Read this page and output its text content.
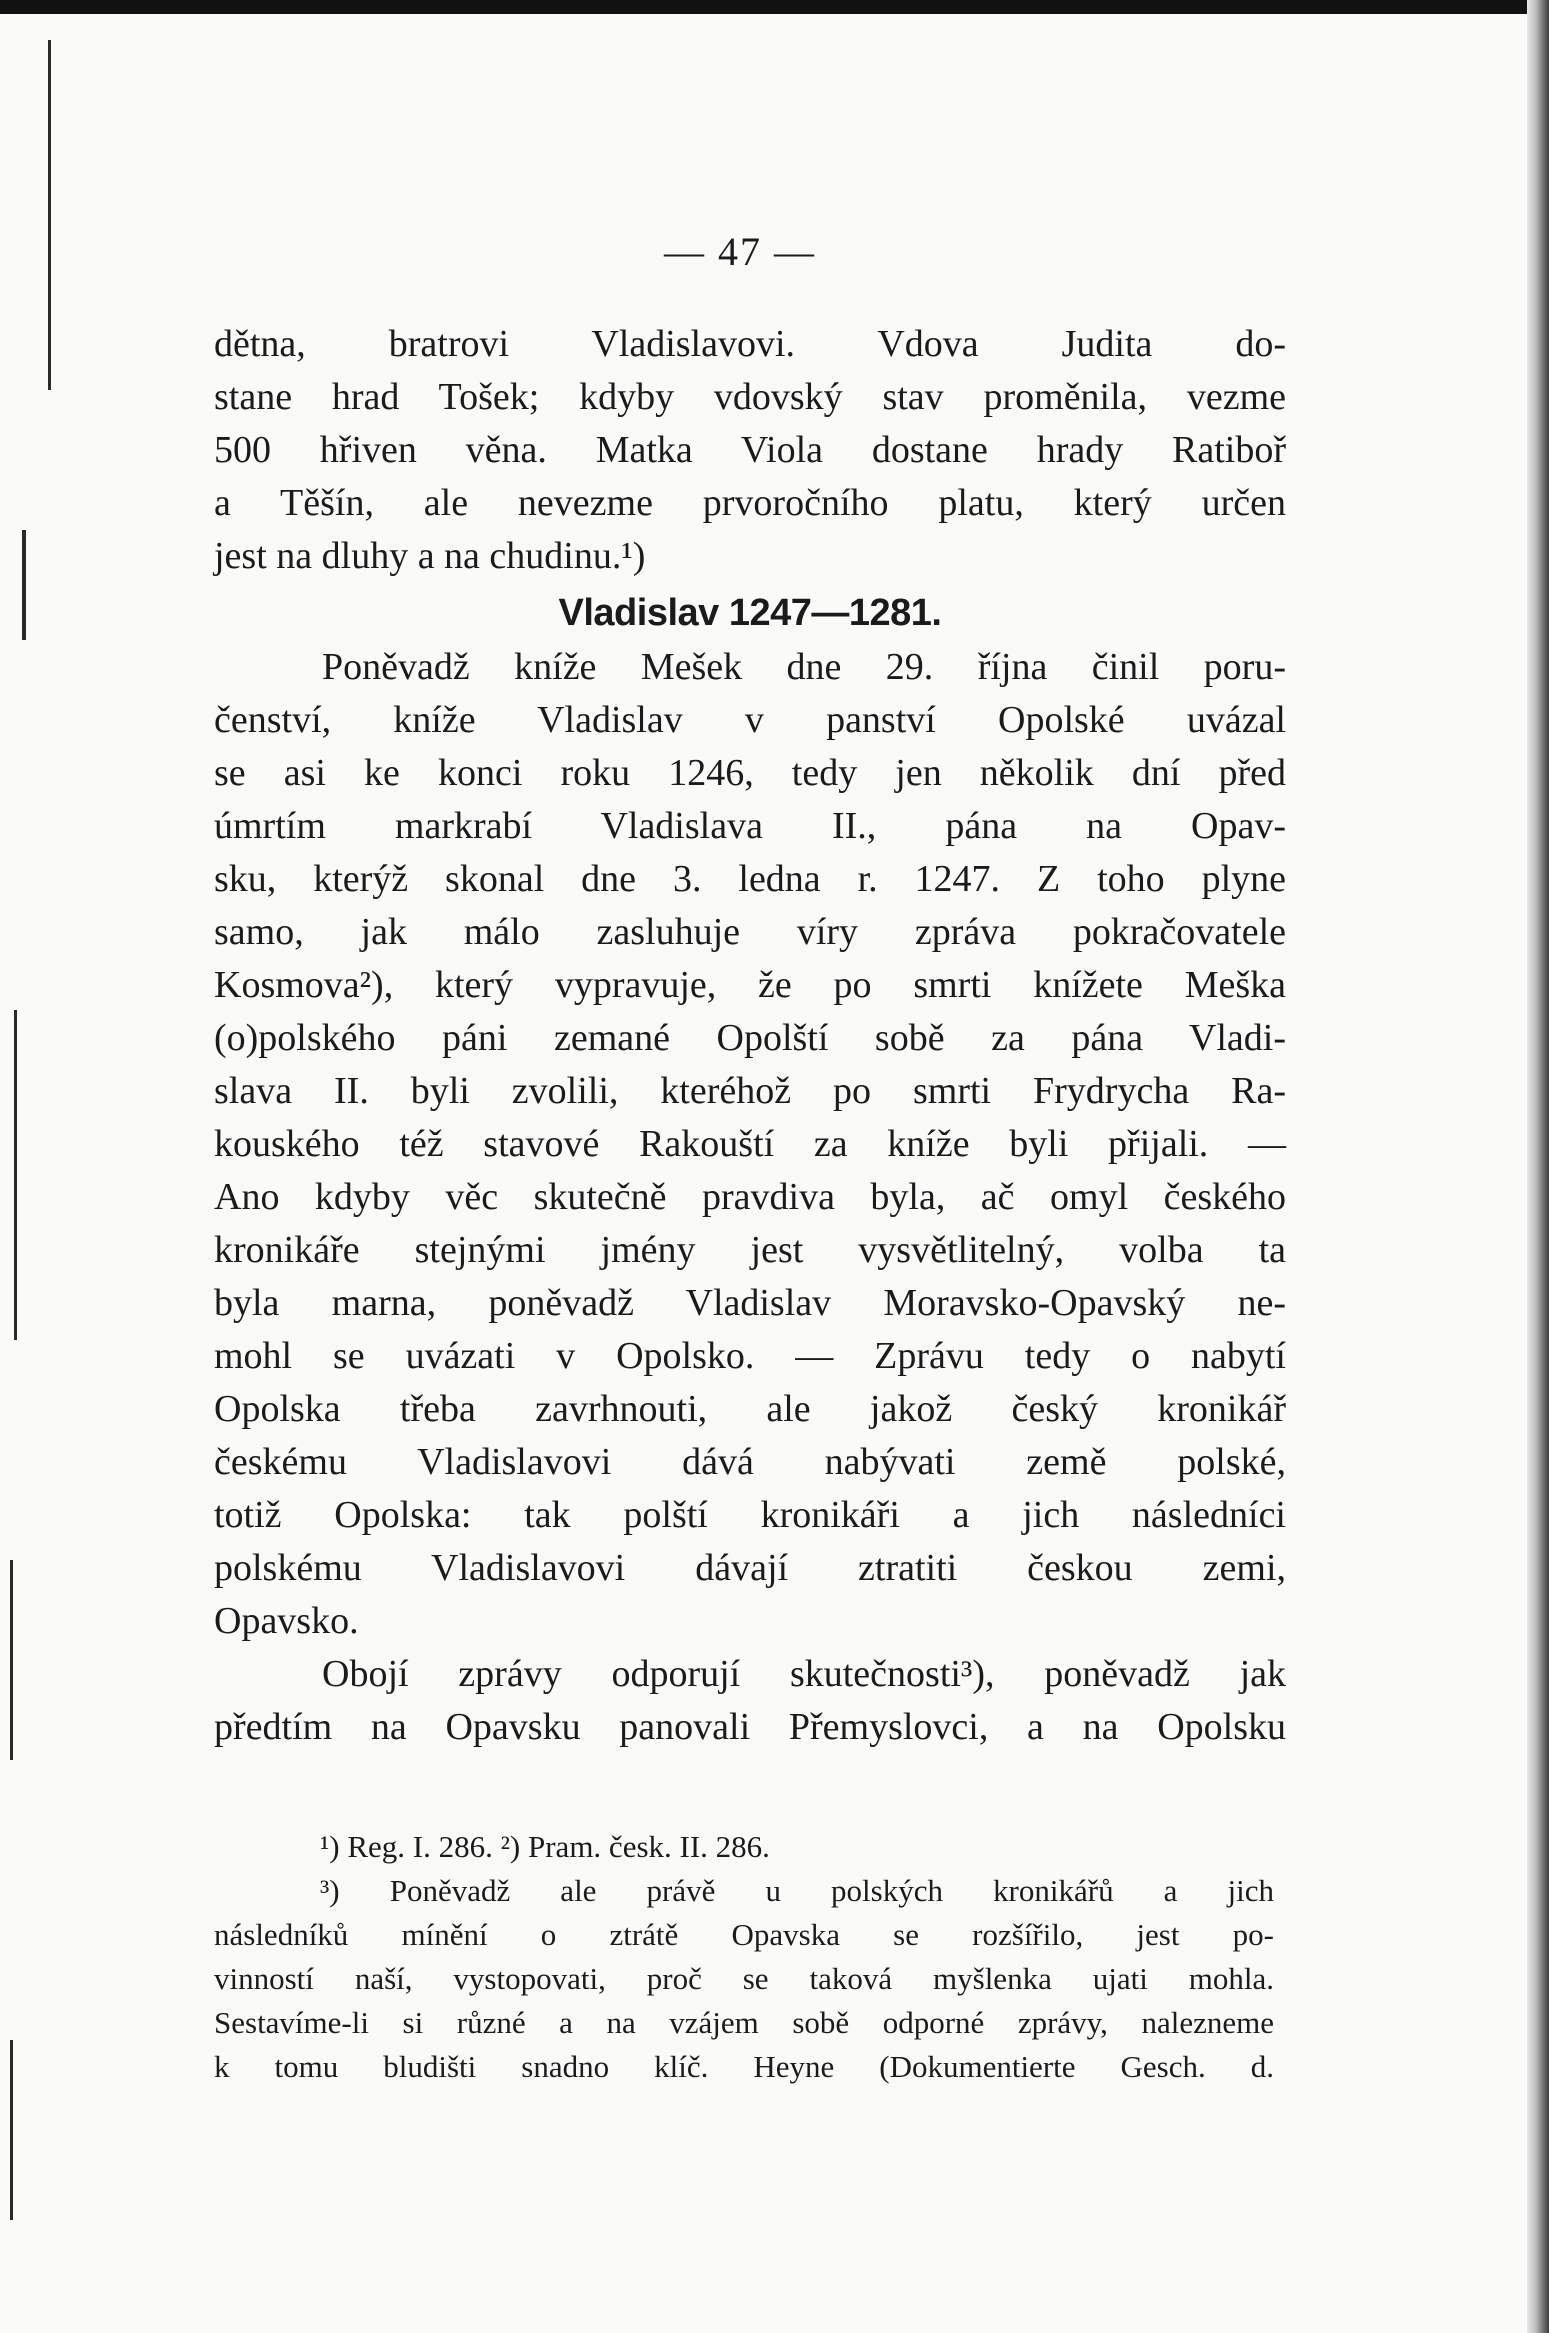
— 47 —
dětna, bratrovi Vladislavovi. Vdova Judita do-
stane hrad Tošek; kdyby vdovský stav proměnila, vezme
500 hřiven věna. Matka Viola dostane hrady Ratiboř
a Těšín, ale nevezme prvoročního platu, který určen
jest na dluhy a na chudinu.¹)
Vladislav 1247—1281.
Poněvadž kníže Mešek dne 29. října činil poru-
čenství, kníže Vladislav v panství Opolské uvázal
se asi ke konci roku 1246, tedy jen několik dní před
úmrtím markrabí Vladislava II., pána na Opav-
sku, kterýž skonal dne 3. ledna r. 1247. Z toho plyne
samo, jak málo zasluhuje víry zpráva pokračovatele
Kosmova²), který vypravuje, že po smrti knížete Meška
(o)polského páni zemané Opolští sobě za pána Vladi-
slava II. byli zvolili, kteréhož po smrti Frydrycha Ra-
kouského též stavové Rakouští za kníže byli přijali. —
Ano kdyby věc skutečně pravdiva byla, ač omyl českého
kronikáře stejnými jmény jest vysvětlitelný, volba ta
byla marna, poněvadž Vladislav Moravsko-Opavský ne-
mohl se uvázati v Opolsko. — Zprávu tedy o nabytí
Opolska třeba zavrhnouti, ale jakož český kronikář
českému Vladislavovi dává nabývati země polské,
totiž Opolska: tak polští kronikáři a jich následníci
polskému Vladislavovi dávají ztratiti českou zemi,
Opavsko.
Obojí zprávy odporují skutečnosti³), poněvadž jak
předtím na Opavsku panovali Přemyslovci, a na Opolsku
¹) Reg. I. 286. ²) Pram. česk. II. 286.
³) Poněvadž ale právě u polských kronikářů a jich
následníků mínění o ztrátě Opavska se rozšířilo, jest po-
vinností naší, vystopovati, proč se taková myšlenka ujati mohla.
Sestavíme-li si různé a na vzájem sobě odporné zprávy, nalezneme
k tomu bludišti snadno klíč. Heyne (Dokumentierte Gesch. d.
